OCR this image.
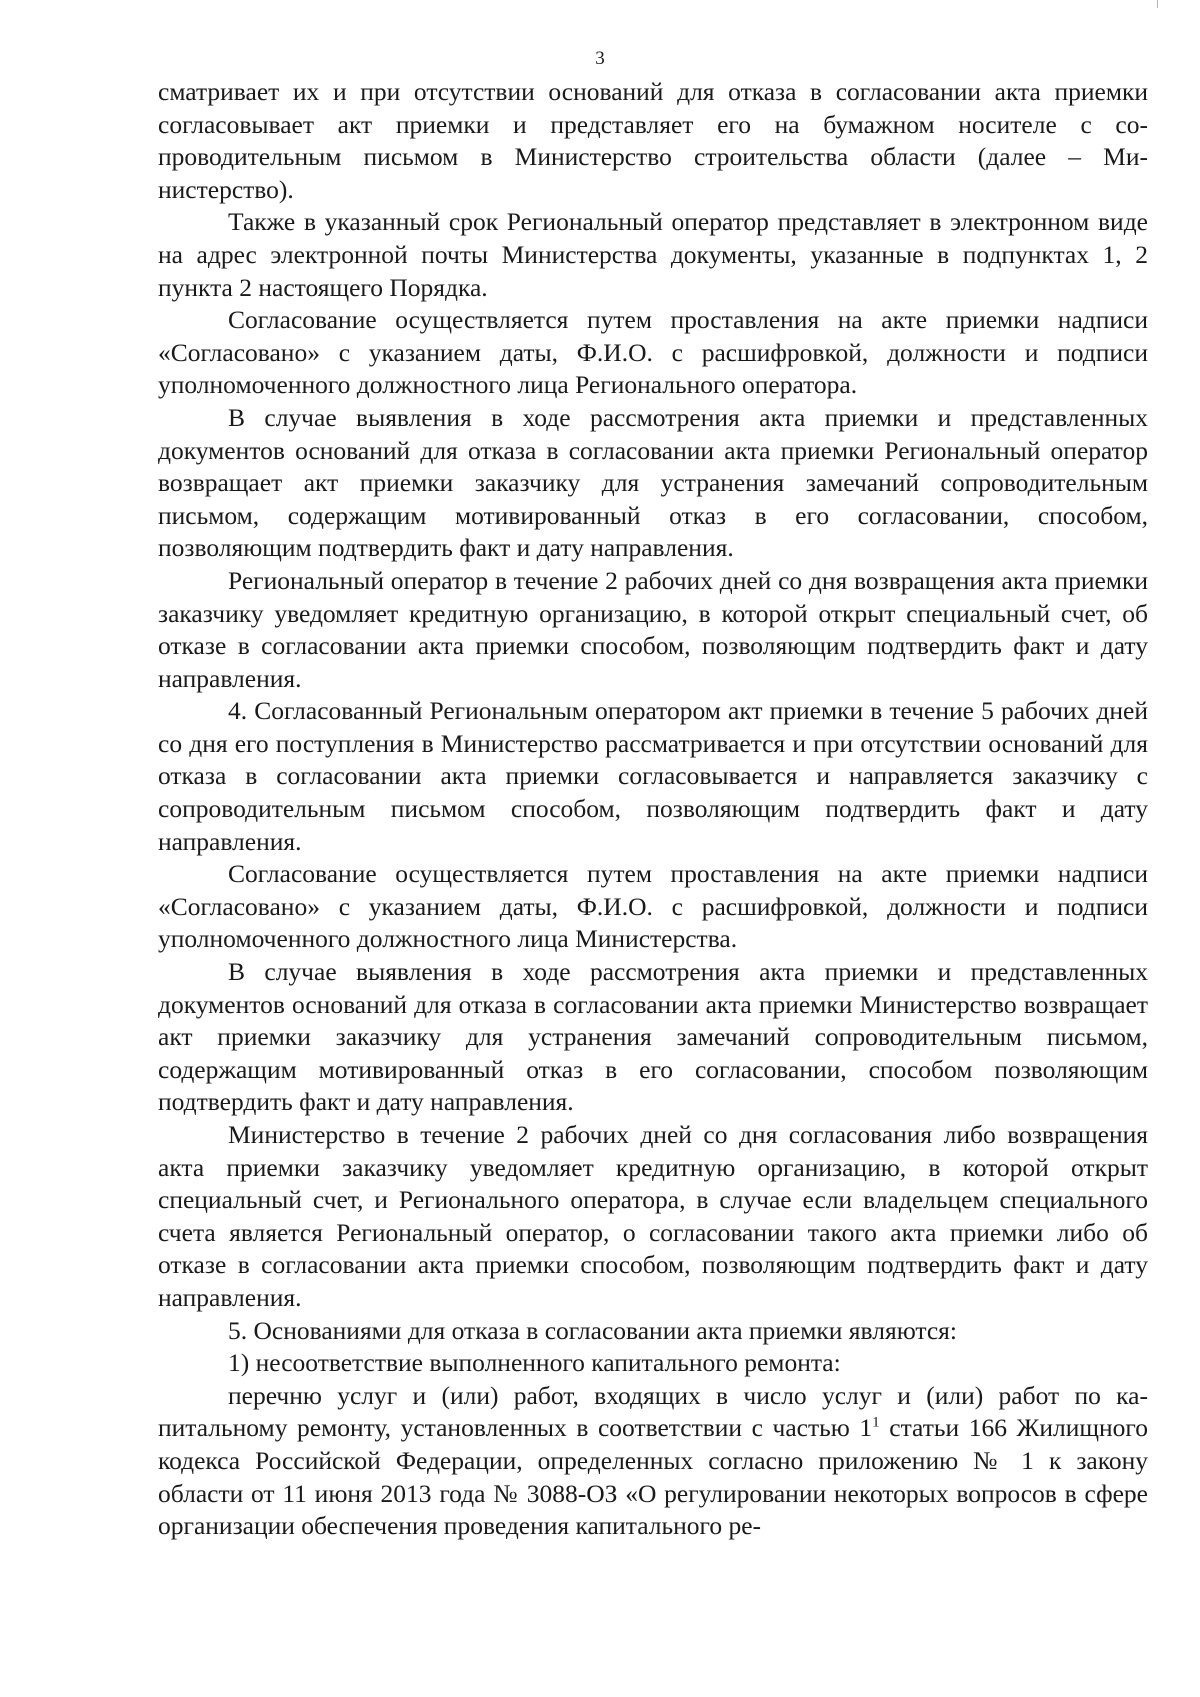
3

сматривает их и при отсутствии оснований для отказа в согласовании акта приемки согласовывает акт приемки и представляет его на бумажном носителе с сопроводительным письмом в Министерство строительства области (далее – Министерство).

Также в указанный срок Региональный оператор представляет в электронном виде на адрес электронной почты Министерства документы, указанные в подпунктах 1, 2 пункта 2 настоящего Порядка.

Согласование осуществляется путем проставления на акте приемки надписи «Согласовано» с указанием даты, Ф.И.О. с расшифровкой, должности и подписи уполномоченного должностного лица Регионального оператора.

В случае выявления в ходе рассмотрения акта приемки и представленных документов оснований для отказа в согласовании акта приемки Региональный оператор возвращает акт приемки заказчику для устранения замечаний сопроводительным письмом, содержащим мотивированный отказ в его согласовании, способом, позволяющим подтвердить факт и дату направления.

Региональный оператор в течение 2 рабочих дней со дня возвращения акта приемки заказчику уведомляет кредитную организацию, в которой открыт специальный счет, об отказе в согласовании акта приемки способом, позволяющим подтвердить факт и дату направления.

4. Согласованный Региональным оператором акт приемки в течение 5 рабочих дней со дня его поступления в Министерство рассматривается и при отсутствии оснований для отказа в согласовании акта приемки согласовывается и направляется заказчику с сопроводительным письмом способом, позволяющим подтвердить факт и дату направления.

Согласование осуществляется путем проставления на акте приемки надписи «Согласовано» с указанием даты, Ф.И.О. с расшифровкой, должности и подписи уполномоченного должностного лица Министерства.

В случае выявления в ходе рассмотрения акта приемки и представленных документов оснований для отказа в согласовании акта приемки Министерство возвращает акт приемки заказчику для устранения замечаний сопроводительным письмом, содержащим мотивированный отказ в его согласовании, способом позволяющим подтвердить факт и дату направления.

Министерство в течение 2 рабочих дней со дня согласования либо возвращения акта приемки заказчику уведомляет кредитную организацию, в которой открыт специальный счет, и Регионального оператора, в случае если владельцем специального счета является Региональный оператор, о согласовании такого акта приемки либо об отказе в согласовании акта приемки способом, позволяющим подтвердить факт и дату направления.

5. Основаниями для отказа в согласовании акта приемки являются:

1) несоответствие выполненного капитального ремонта:

перечню услуг и (или) работ, входящих в число услуг и (или) работ по капитальному ремонту, установленных в соответствии с частью $1^1$ статьи 166 Жилищного кодекса Российской Федерации, определенных согласно приложению № 1 к закону области от 11 июня 2013 года № 3088-ОЗ «О регулировании некоторых вопросов в сфере организации обеспечения проведения капитального ре-
